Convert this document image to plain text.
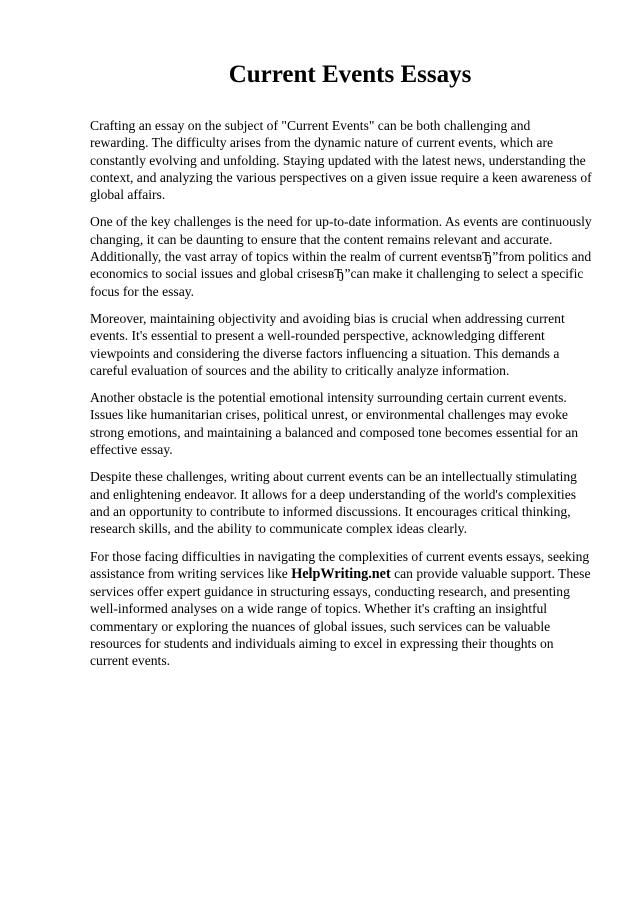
Current Events Essays

Crafting an essay on the subject of "Current Events" can be both challenging and rewarding. The difficulty arises from the dynamic nature of current events, which are constantly evolving and unfolding. Staying updated with the latest news, understanding the context, and analyzing the various perspectives on a given issue require a keen awareness of global affairs.

One of the key challenges is the need for up-to-date information. As events are continuously changing, it can be daunting to ensure that the content remains relevant and accurate. Additionally, the vast array of topics within the realm of current eventsвЂ”from politics and economics to social issues and global crisesвЂ”can make it challenging to select a specific focus for the essay.

Moreover, maintaining objectivity and avoiding bias is crucial when addressing current events. It's essential to present a well-rounded perspective, acknowledging different viewpoints and considering the diverse factors influencing a situation. This demands a careful evaluation of sources and the ability to critically analyze information.

Another obstacle is the potential emotional intensity surrounding certain current events. Issues like humanitarian crises, political unrest, or environmental challenges may evoke strong emotions, and maintaining a balanced and composed tone becomes essential for an effective essay.

Despite these challenges, writing about current events can be an intellectually stimulating and enlightening endeavor. It allows for a deep understanding of the world's complexities and an opportunity to contribute to informed discussions. It encourages critical thinking, research skills, and the ability to communicate complex ideas clearly.

For those facing difficulties in navigating the complexities of current events essays, seeking assistance from writing services like HelpWriting.net can provide valuable support. These services offer expert guidance in structuring essays, conducting research, and presenting well-informed analyses on a wide range of topics. Whether it's crafting an insightful commentary or exploring the nuances of global issues, such services can be valuable resources for students and individuals aiming to excel in expressing their thoughts on current events.
